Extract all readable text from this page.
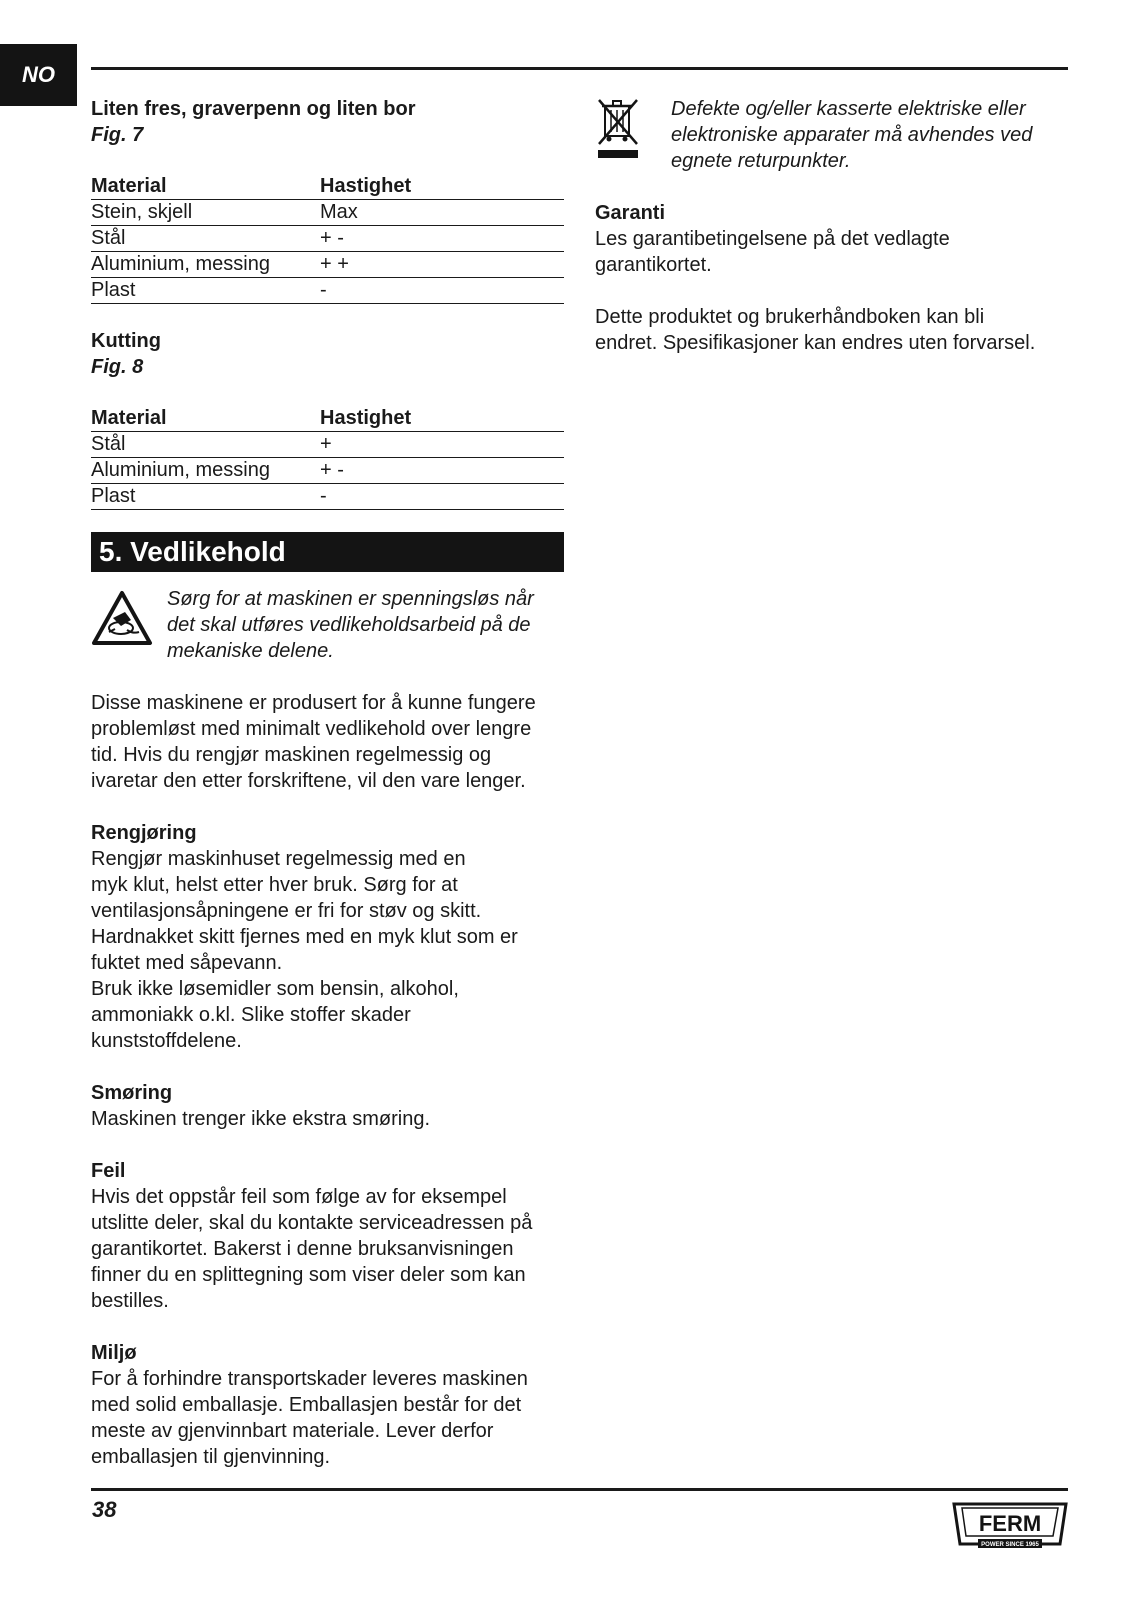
NO

Liten fres, graverpenn og liten bor

Fig. 7

Material	Hastighet
Stein, skjell	Max
Stål	+ -
Aluminium, messing	+ +
Plast	-

Kutting

Fig. 8

Material	Hastighet
Stål	+
Aluminium, messing	+ -
Plast	-
5. Vedlikehold

Sørg for at maskinen er spenningsløs når

det skal utføres vedlikeholdsarbeid på de

mekaniske delene.

Disse maskinene er produsert for å kunne fungere

problemløst med minimalt vedlikehold over lengre

tid. Hvis du rengjør maskinen regelmessig og

ivaretar den etter forskriftene, vil den vare lenger.

Rengjøring

Rengjør maskinhuset regelmessig med en

myk klut, helst etter hver bruk. Sørg for at

ventilasjonsåpningene er fri for støv og skitt.

Hardnakket skitt fjernes med en myk klut som er

fuktet med såpevann.

Bruk ikke løsemidler som bensin, alkohol,

ammoniakk o.kl. Slike stoffer skader

kunststoffdelene.

Smøring

Maskinen trenger ikke ekstra smøring.

Feil

Hvis det oppstår feil som følge av for eksempel

utslitte deler, skal du kontakte serviceadressen på

garantikortet. Bakerst i denne bruksanvisningen

finner du en splittegning som viser deler som kan

bestilles.

Miljø

For å forhindre transportskader leveres maskinen

med solid emballasje. Emballasjen består for det

meste av gjenvinnbart materiale. Lever derfor

emballasjen til gjenvinning.

Defekte og/eller kasserte elektriske eller

elektroniske apparater må avhendes ved

egnete returpunkter.

Garanti

Les garantibetingelsene på det vedlagte

garantikortet.

Dette produktet og brukerhåndboken kan bli

endret. Spesifikasjoner kan endres uten forvarsel.

38
FERM
POWER SINCE 1965
